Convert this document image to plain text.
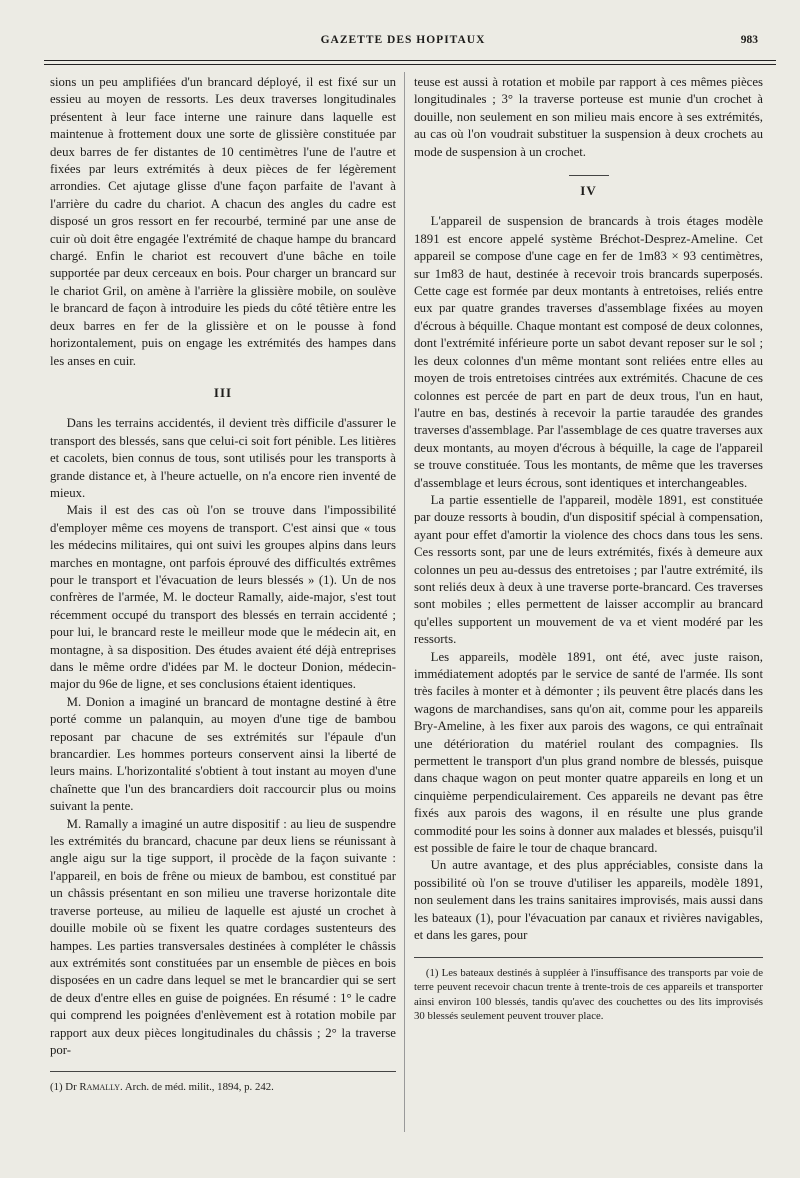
GAZETTE DES HOPITAUX	983

sions un peu amplifiées d'un brancard déployé, il est fixé sur un essieu au moyen de ressorts. Les deux traverses longitudinales présentent à leur face interne une rainure dans laquelle est maintenue à frottement doux une sorte de glissière constituée par deux barres de fer distantes de 10 centimètres l'une de l'autre et fixées par leurs extrémités à deux pièces de fer légèrement arrondies. Cet ajutage glisse d'une façon parfaite de l'avant à l'arrière du cadre du chariot. A chacun des angles du cadre est disposé un gros ressort en fer recourbé, terminé par une anse de cuir où doit être engagée l'extrémité de chaque hampe du brancard chargé. Enfin le chariot est recouvert d'une bâche en toile supportée par deux cerceaux en bois. Pour charger un brancard sur le chariot Gril, on amène à l'arrière la glissière mobile, on soulève le brancard de façon à introduire les pieds du côté têtière entre les deux barres en fer de la glissière et on le pousse à fond horizontalement, puis on engage les extrémités des hampes dans les anses en cuir.

III

Dans les terrains accidentés, il devient très difficile d'assurer le transport des blessés, sans que celui-ci soit fort pénible. Les litières et cacolets, bien connus de tous, sont utilisés pour les transports à grande distance et, à l'heure actuelle, on n'a encore rien inventé de mieux.

Mais il est des cas où l'on se trouve dans l'impossibilité d'employer même ces moyens de transport. C'est ainsi que « tous les médecins militaires, qui ont suivi les groupes alpins dans leurs marches en montagne, ont parfois éprouvé des difficultés extrêmes pour le transport et l'évacuation de leurs blessés » (1). Un de nos confrères de l'armée, M. le docteur Ramally, aide-major, s'est tout récemment occupé du transport des blessés en terrain accidenté ; pour lui, le brancard reste le meilleur mode que le médecin ait, en montagne, à sa disposition. Des études avaient été déjà entreprises dans le même ordre d'idées par M. le docteur Donion, médecin-major du 96e de ligne, et ses conclusions étaient identiques.

M. Donion a imaginé un brancard de montagne destiné à être porté comme un palanquin, au moyen d'une tige de bambou reposant par chacune de ses extrémités sur l'épaule d'un brancardier. Les hommes porteurs conservent ainsi la liberté de leurs mains. L'horizontalité s'obtient à tout instant au moyen d'une chaînette que l'un des brancardiers doit raccourcir plus ou moins suivant la pente.

M. Ramally a imaginé un autre dispositif : au lieu de suspendre les extrémités du brancard, chacune par deux liens se réunissant à angle aigu sur la tige support, il procède de la façon suivante : l'appareil, en bois de frêne ou mieux de bambou, est constitué par un châssis présentant en son milieu une traverse horizontale dite traverse porteuse, au milieu de laquelle est ajusté un crochet à douille mobile où se fixent les quatre cordages sustenteurs des hampes. Les parties transversales destinées à compléter le châssis aux extrémités sont constituées par un ensemble de pièces en bois disposées en un cadre dans lequel se met le brancardier qui se sert de deux d'entre elles en guise de poignées. En résumé : 1° le cadre qui comprend les poignées d'enlèvement est à rotation mobile par rapport aux deux pièces longitudinales du châssis ; 2° la traverse por-

(1) Dr Ramally. Arch. de méd. milit., 1894, p. 242.

teuse est aussi à rotation et mobile par rapport à ces mêmes pièces longitudinales ; 3° la traverse porteuse est munie d'un crochet à douille, non seulement en son milieu mais encore à ses extrémités, au cas où l'on voudrait substituer la suspension à deux crochets au mode de suspension à un crochet.

IV

L'appareil de suspension de brancards à trois étages modèle 1891 est encore appelé système Bréchot-Desprez-Ameline. Cet appareil se compose d'une cage en fer de 1m83 × 93 centimètres, sur 1m83 de haut, destinée à recevoir trois brancards superposés. Cette cage est formée par deux montants à entretoises, reliés entre eux par quatre grandes traverses d'assemblage fixées au moyen d'écrous à béquille. Chaque montant est composé de deux colonnes, dont l'extrémité inférieure porte un sabot devant reposer sur le sol ; les deux colonnes d'un même montant sont reliées entre elles au moyen de trois entretoises cintrées aux extrémités. Chacune de ces colonnes est percée de part en part de deux trous, l'un en haut, l'autre en bas, destinés à recevoir la partie taraudée des grandes traverses d'assemblage. Par l'assemblage de ces quatre traverses aux deux montants, au moyen d'écrous à béquille, la cage de l'appareil se trouve constituée. Tous les montants, de même que les traverses d'assemblage et leurs écrous, sont identiques et interchangeables.

La partie essentielle de l'appareil, modèle 1891, est constituée par douze ressorts à boudin, d'un dispositif spécial à compensation, ayant pour effet d'amortir la violence des chocs dans tous les sens. Ces ressorts sont, par une de leurs extrémités, fixés à demeure aux colonnes un peu au-dessus des entretoises ; par l'autre extrémité, ils sont reliés deux à deux à une traverse porte-brancard. Ces traverses sont mobiles ; elles permettent de laisser accomplir au brancard qu'elles supportent un mouvement de va et vient modéré par les ressorts.

Les appareils, modèle 1891, ont été, avec juste raison, immédiatement adoptés par le service de santé de l'armée. Ils sont très faciles à monter et à démonter ; ils peuvent être placés dans les wagons de marchandises, sans qu'on ait, comme pour les appareils Bry-Ameline, à les fixer aux parois des wagons, ce qui entraînait une détérioration du matériel roulant des compagnies. Ils permettent le transport d'un plus grand nombre de blessés, puisque dans chaque wagon on peut monter quatre appareils en long et un cinquième perpendiculairement. Ces appareils ne devant pas être fixés aux parois des wagons, il en résulte une plus grande commodité pour les soins à donner aux malades et blessés, puisqu'il est possible de faire le tour de chaque brancard.

Un autre avantage, et des plus appréciables, consiste dans la possibilité où l'on se trouve d'utiliser les appareils, modèle 1891, non seulement dans les trains sanitaires improvisés, mais aussi dans les bateaux (1), pour l'évacuation par canaux et rivières navigables, et dans les gares, pour

(1) Les bateaux destinés à suppléer à l'insuffisance des transports par voie de terre peuvent recevoir chacun trente à trente-trois de ces appareils et transporter ainsi environ 100 blessés, tandis qu'avec des couchettes ou des lits improvisés 30 blessés seulement peuvent trouver place.
